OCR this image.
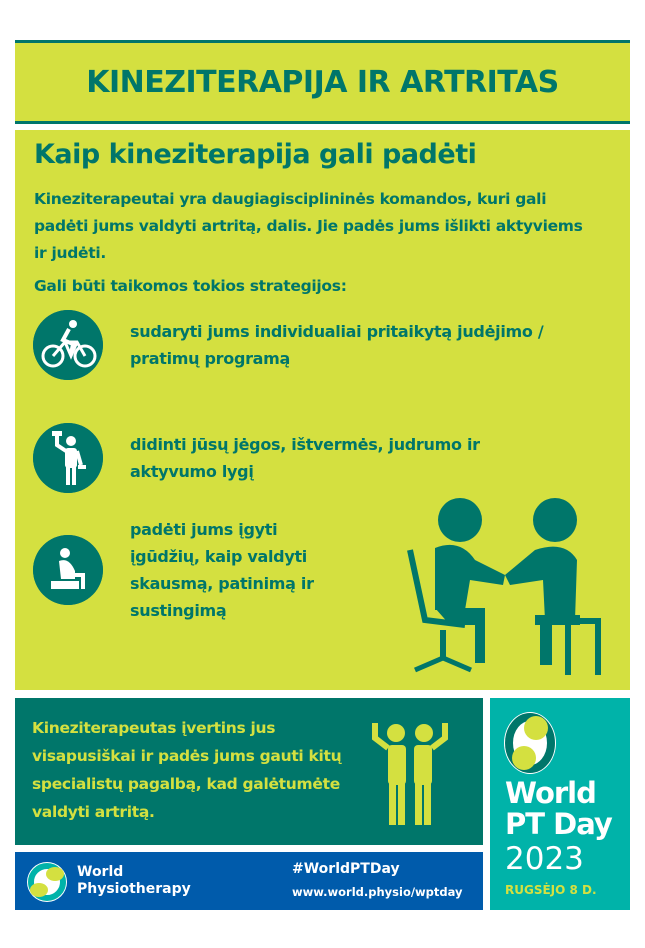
KINEZITERAPIJA IR ARTRITAS
Kaip kineziterapija gali padėti
Kineziterapeutai yra daugiagisciplininės komandos, kuri gali padėti jums valdyti artritą, dalis. Jie padės jums išlikti aktyviems ir judėti.
Gali būti taikomos tokios strategijos:
sudaryti jums individualiai pritaikytą judėjimo / pratimų programą
didinti jūsų jėgos, ištvermės, judrumo ir aktyvumo lygį
padėti jums įgyti įgūdžių, kaip valdyti skausmą, patinimą ir sustingimą

Kineziterapeutas įvertins jus visapusiškai ir padės jums gauti kitų specialistų pagalbą, kad galėtumėte valdyti artritą.

World
Physiotherapy
#WorldPTDay
www.world.physio/wptday
World
PT Day
2023
RUGSĖJO 8 D.
